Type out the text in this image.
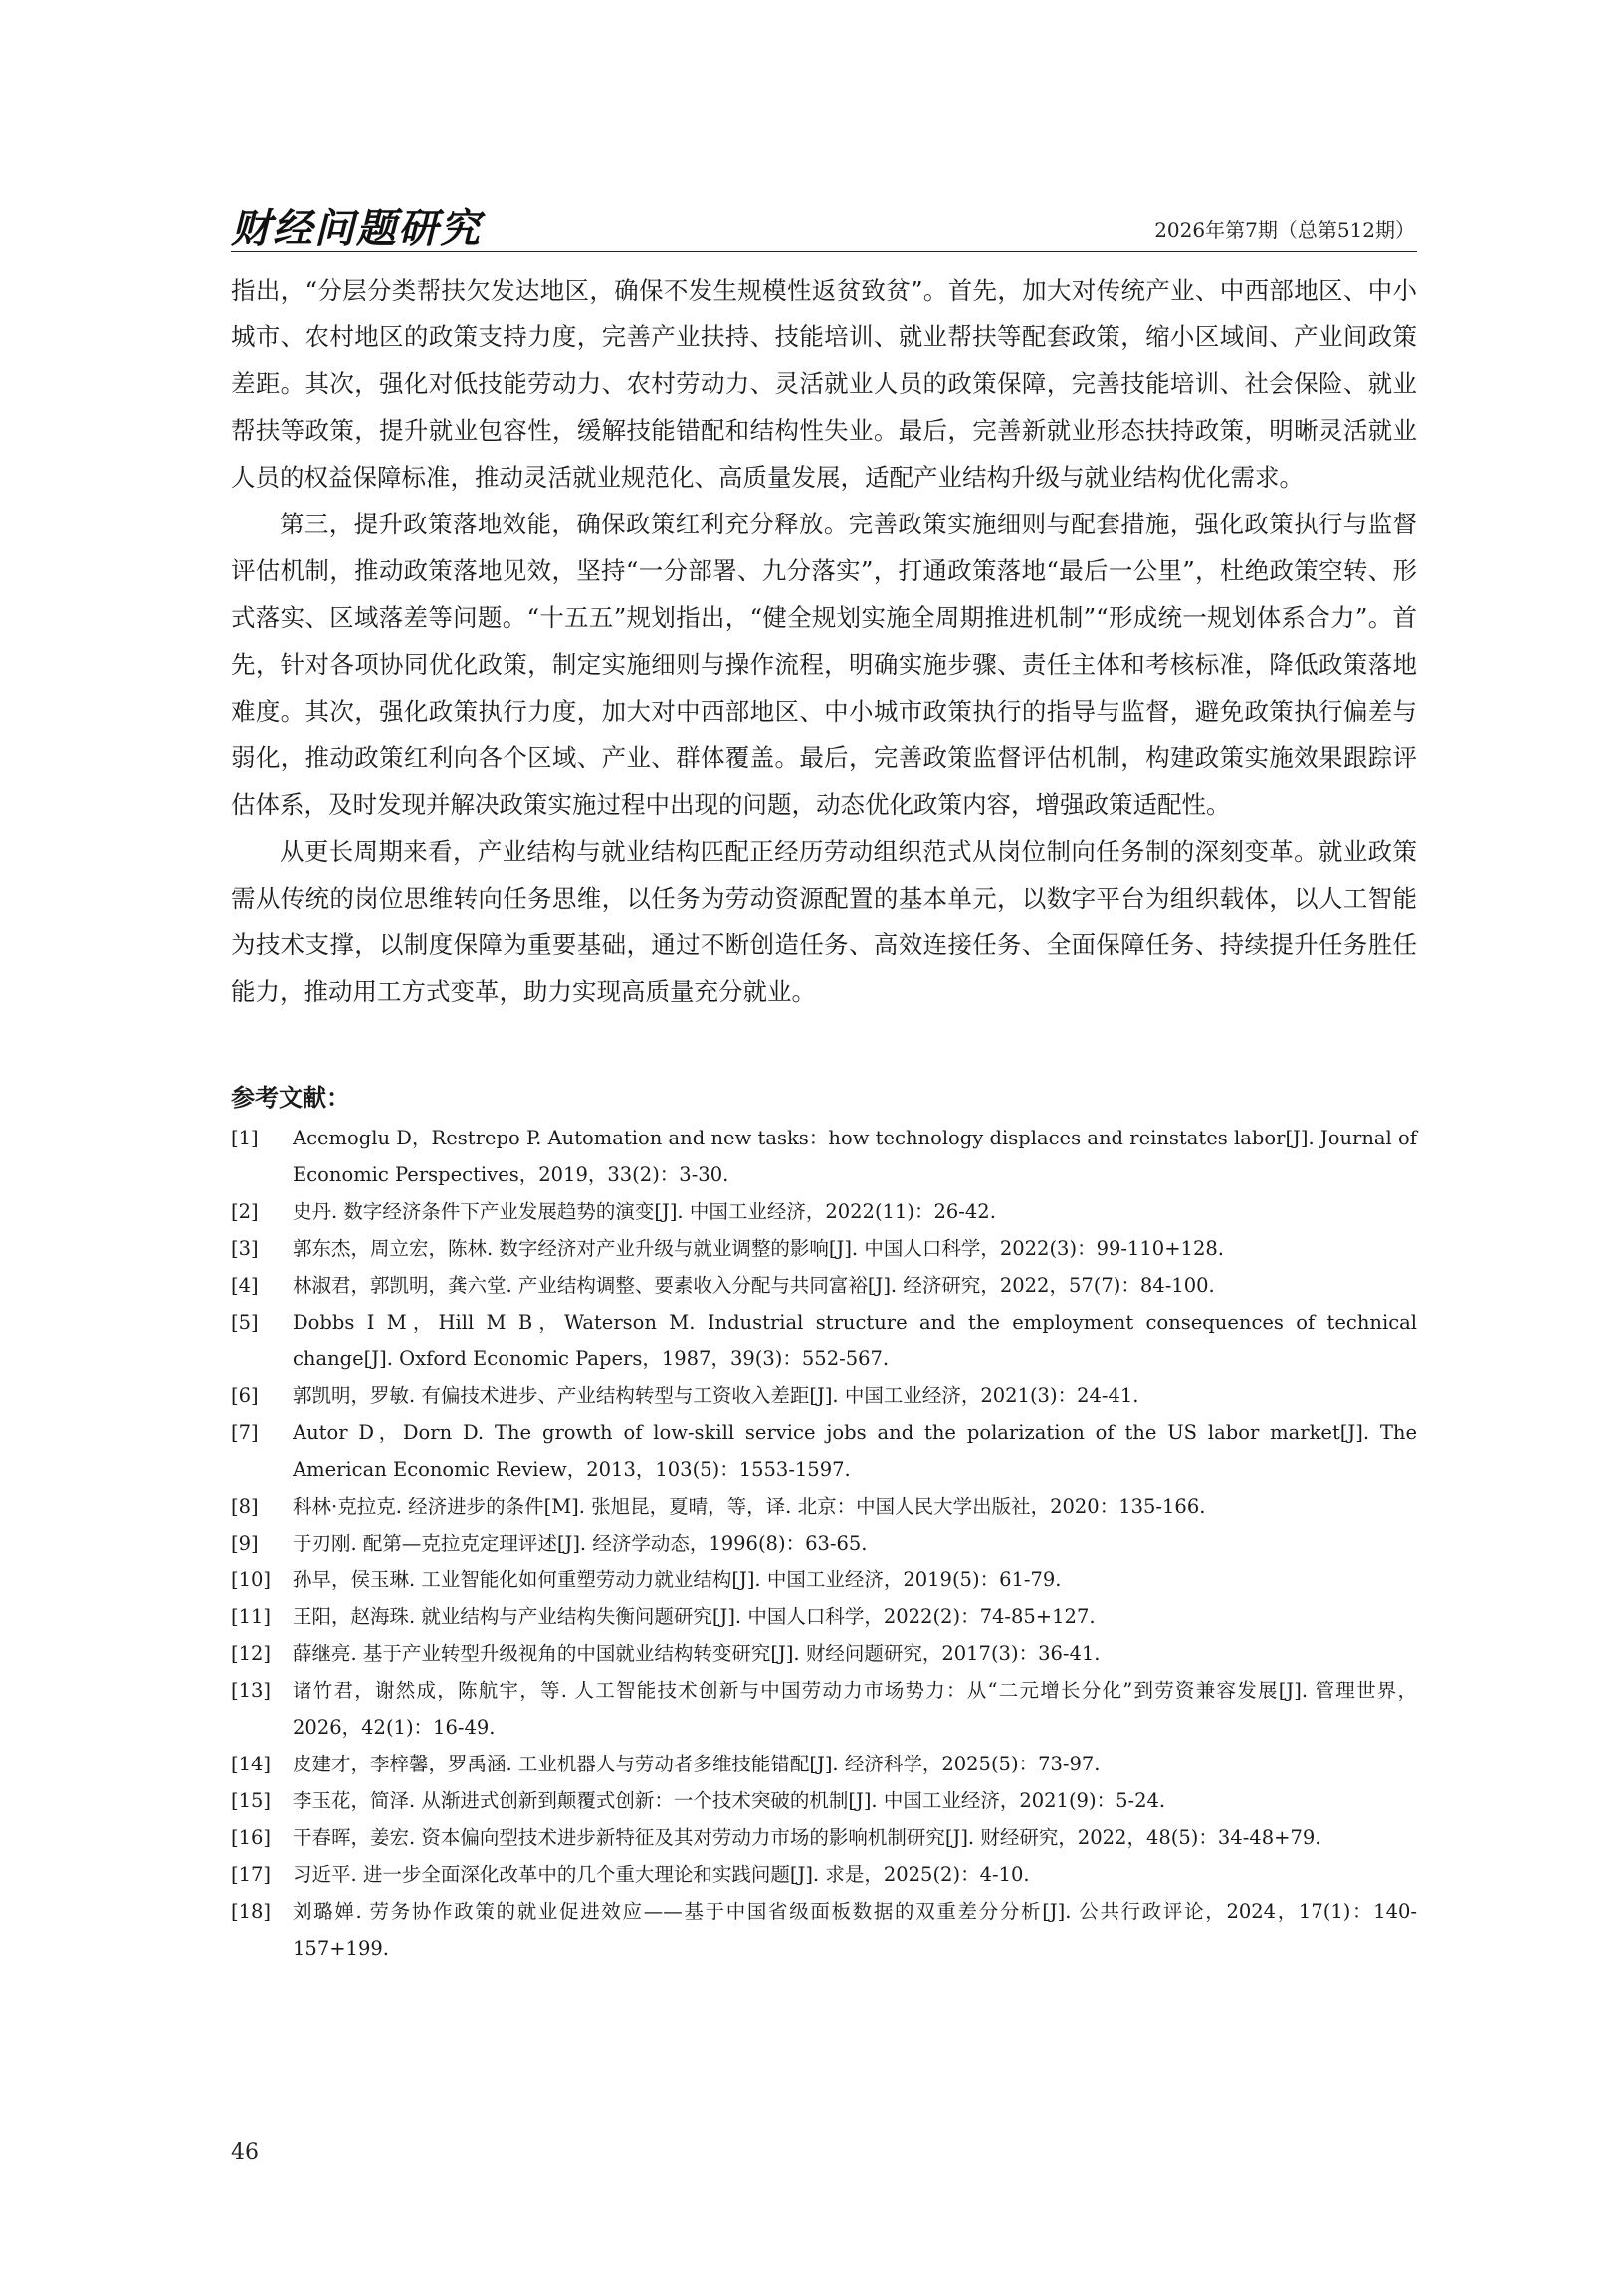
财经问题研究	2026年第7期（总第512期）

指出，“分层分类帮扶欠发达地区，确保不发生规模性返贫致贫”。首先，加大对传统产业、中西部地区、中小城市、农村地区的政策支持力度，完善产业扶持、技能培训、就业帮扶等配套政策，缩小区域间、产业间政策差距。其次，强化对低技能劳动力、农村劳动力、灵活就业人员的政策保障，完善技能培训、社会保险、就业帮扶等政策，提升就业包容性，缓解技能错配和结构性失业。最后，完善新就业形态扶持政策，明晰灵活就业人员的权益保障标准，推动灵活就业规范化、高质量发展，适配产业结构升级与就业结构优化需求。

第三，提升政策落地效能，确保政策红利充分释放。完善政策实施细则与配套措施，强化政策执行与监督评估机制，推动政策落地见效，坚持“一分部署、九分落实”，打通政策落地“最后一公里”，杜绝政策空转、形式落实、区域落差等问题。“十五五”规划指出，“健全规划实施全周期推进机制”“形成统一规划体系合力”。首先，针对各项协同优化政策，制定实施细则与操作流程，明确实施步骤、责任主体和考核标准，降低政策落地难度。其次，强化政策执行力度，加大对中西部地区、中小城市政策执行的指导与监督，避免政策执行偏差与弱化，推动政策红利向各个区域、产业、群体覆盖。最后，完善政策监督评估机制，构建政策实施效果跟踪评估体系，及时发现并解决政策实施过程中出现的问题，动态优化政策内容，增强政策适配性。

从更长周期来看，产业结构与就业结构匹配正经历劳动组织范式从岗位制向任务制的深刻变革。就业政策需从传统的岗位思维转向任务思维，以任务为劳动资源配置的基本单元，以数字平台为组织载体，以人工智能为技术支撑，以制度保障为重要基础，通过不断创造任务、高效连接任务、全面保障任务、持续提升任务胜任能力，推动用工方式变革，助力实现高质量充分就业。

参考文献：
[1]	Acemoglu D，Restrepo P. Automation and new tasks：how technology displaces and reinstates labor[J]. Journal of Economic Perspectives，2019，33(2)：3-30.
[2]	史丹. 数字经济条件下产业发展趋势的演变[J]. 中国工业经济，2022(11)：26-42.
[3]	郭东杰，周立宏，陈林. 数字经济对产业升级与就业调整的影响[J]. 中国人口科学，2022(3)：99-110+128.
[4]	林淑君，郭凯明，龚六堂. 产业结构调整、要素收入分配与共同富裕[J]. 经济研究，2022，57(7)：84-100.
[5]	Dobbs I M，Hill M B，Waterson M. Industrial structure and the employment consequences of technical change[J]. Oxford Economic Papers，1987，39(3)：552-567.
[6]	郭凯明，罗敏. 有偏技术进步、产业结构转型与工资收入差距[J]. 中国工业经济，2021(3)：24-41.
[7]	Autor D，Dorn D. The growth of low-skill service jobs and the polarization of the US labor market[J]. The American Economic Review，2013，103(5)：1553-1597.
[8]	科林·克拉克. 经济进步的条件[M]. 张旭昆，夏晴，等，译. 北京：中国人民大学出版社，2020：135-166.
[9]	于刃刚. 配第—克拉克定理评述[J]. 经济学动态，1996(8)：63-65.
[10]	孙早，侯玉琳. 工业智能化如何重塑劳动力就业结构[J]. 中国工业经济，2019(5)：61-79.
[11]	王阳，赵海珠. 就业结构与产业结构失衡问题研究[J]. 中国人口科学，2022(2)：74-85+127.
[12]	薛继亮. 基于产业转型升级视角的中国就业结构转变研究[J]. 财经问题研究，2017(3)：36-41.
[13]	诸竹君，谢然成，陈航宇，等. 人工智能技术创新与中国劳动力市场势力：从“二元增长分化”到劳资兼容发展[J]. 管理世界，2026，42(1)：16-49.
[14]	皮建才，李梓馨，罗禹涵. 工业机器人与劳动者多维技能错配[J]. 经济科学，2025(5)：73-97.
[15]	李玉花，简泽. 从渐进式创新到颠覆式创新：一个技术突破的机制[J]. 中国工业经济，2021(9)：5-24.
[16]	干春晖，姜宏. 资本偏向型技术进步新特征及其对劳动力市场的影响机制研究[J]. 财经研究，2022，48(5)：34-48+79.
[17]	习近平. 进一步全面深化改革中的几个重大理论和实践问题[J]. 求是，2025(2)：4-10.
[18]	刘璐婵. 劳务协作政策的就业促进效应——基于中国省级面板数据的双重差分分析[J]. 公共行政评论，2024，17(1)：140-157+199.
46
